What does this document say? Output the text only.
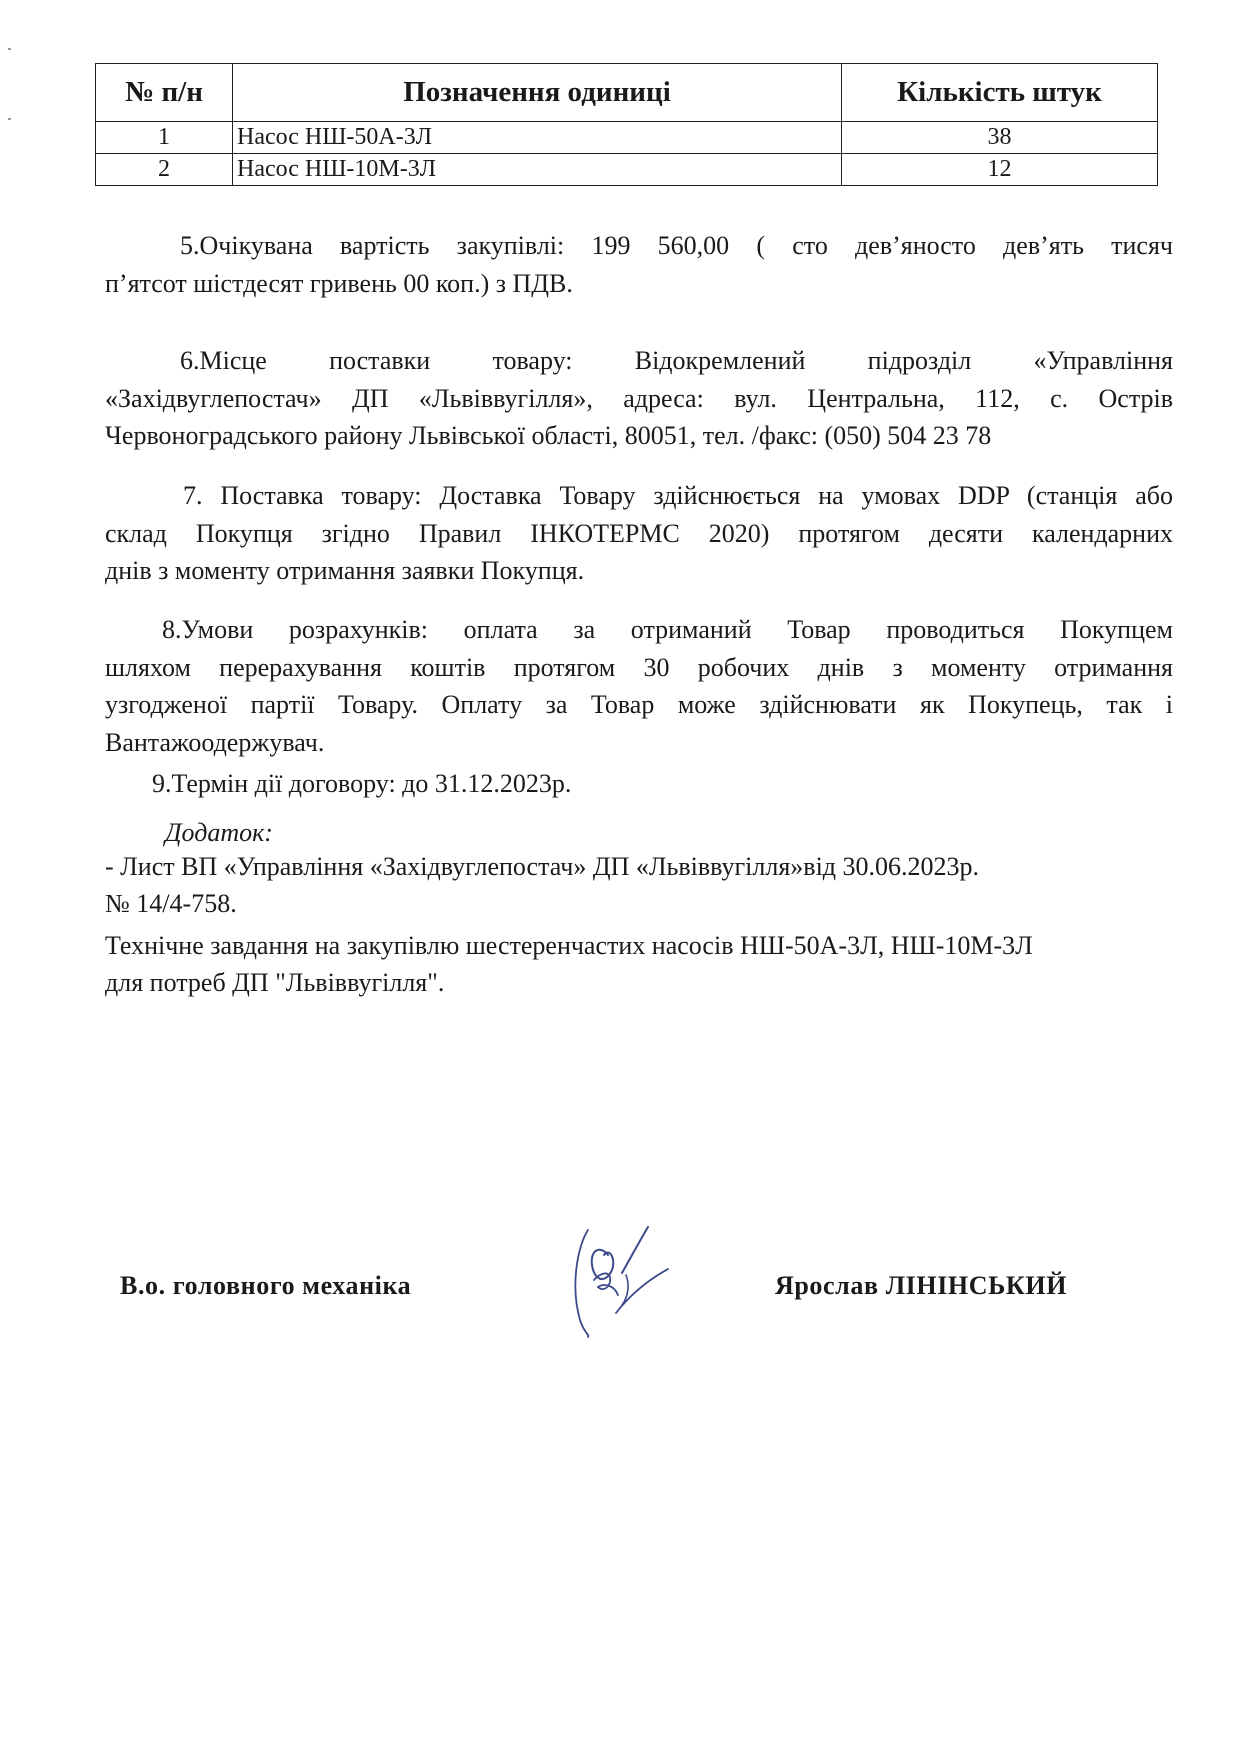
№ п/н	Позначення одиниці	Кількість штук
1	Насос НШ-50А-3Л	38
2	Насос НШ-10М-3Л	12
5.Очікувана вартість закупівлі: 199 560,00 ( сто дев’яносто дев’ять тисяч
п’ятсот шістдесят гривень 00 коп.) з ПДВ.
6.Місце поставки товару: Відокремлений підрозділ «Управління
«Західвуглепостач» ДП «Львіввугілля», адреса: вул. Центральна, 112, с. Острів
Червоноградського району Львівської області, 80051, тел. /факс: (050) 504 23 78
7. Поставка товару: Доставка Товару здійснюється на умовах DDP (станція або
склад Покупця згідно Правил ІНКОТЕРМС 2020) протягом десяти календарних
днів з моменту отримання заявки Покупця.
8.Умови розрахунків: оплата за отриманий Товар проводиться Покупцем
шляхом перерахування коштів протягом 30 робочих днів з моменту отримання
узгодженої партії Товару. Оплату за Товар може здійснювати як Покупець, так і
Вантажоодержувач.
9.Термін дії договору: до 31.12.2023р.

Додаток:

- Лист ВП «Управління «Західвуглепостач» ДП «Львіввугілля»від 30.06.2023р.

№ 14/4-758.

Технічне завдання на закупівлю шестеренчастих насосів НШ-50А-3Л, НШ-10М-3Л

для потреб ДП "Львіввугілля".

В.о. головного механіка	Ярослав ЛІНІНСЬКИЙ
